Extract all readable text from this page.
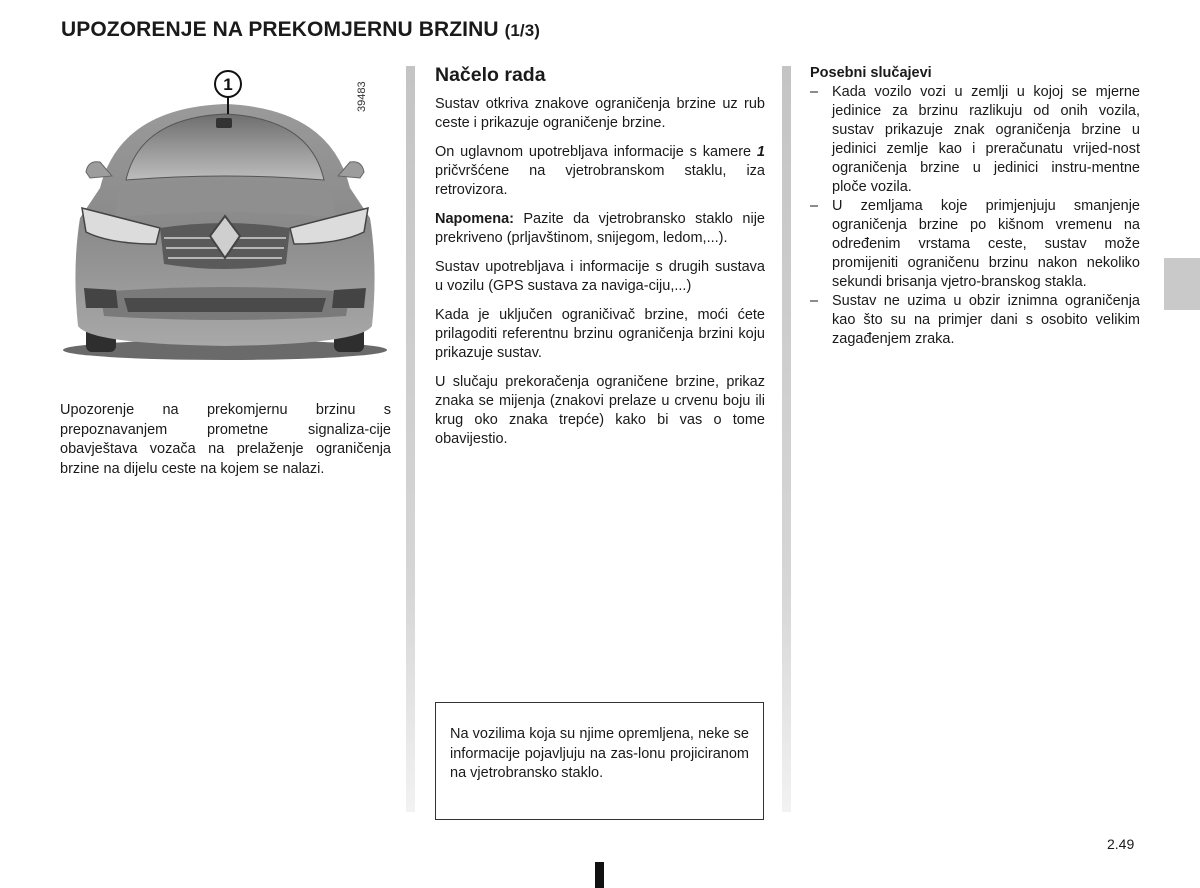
UPOZORENJE NA PREKOMJERNU BRZINU (1/3)
1	39483
Upozorenje na prekomjernu brzinu s prepoznavanjem prometne signaliza-cije obavještava vozača na prelaženje ograničenja brzine na dijelu ceste na kojem se nalazi.
Načelo rada

Sustav otkriva znakove ograničenja brzine uz rub ceste i prikazuje ograničenje brzine.

On uglavnom upotrebljava informacije s kamere 1 pričvršćene na vjetrobranskom staklu, iza retrovizora.

Napomena: Pazite da vjetrobransko staklo nije prekriveno (prljavštinom, snijegom, ledom,...).

Sustav upotrebljava i informacije s drugih sustava u vozilu (GPS sustava za naviga-ciju,...)

Kada je uključen ograničivač brzine, moći ćete prilagoditi referentnu brzinu ograničenja brzini koju prikazuje sustav.

U slučaju prekoračenja ograničene brzine, prikaz znaka se mijenja (znakovi prelaze u crvenu boju ili krug oko znaka trepće) kako bi vas o tome obavijestio.

Na vozilima koja su njime opremljena, neke se informacije pojavljuju na zas-lonu projiciranom na vjetrobransko staklo.

Posebni slučajevi

– Kada vozilo vozi u zemlji u kojoj se mjerne jedinice za brzinu razlikuju od onih vozila, sustav prikazuje znak ograničenja brzine u jedinici zemlje kao i preračunatu vrijed-nost ograničenja brzine u jedinici instru-mentne ploče vozila.
– U zemljama koje primjenjuju smanjenje ograničenja brzine po kišnom vremenu na određenim vrstama ceste, sustav može promijeniti ograničenu brzinu nakon nekoliko sekundi brisanja vjetro-branskog stakla.
– Sustav ne uzima u obzir iznimna ograničenja kao što su na primjer dani s osobito velikim zagađenjem zraka.
2.49
